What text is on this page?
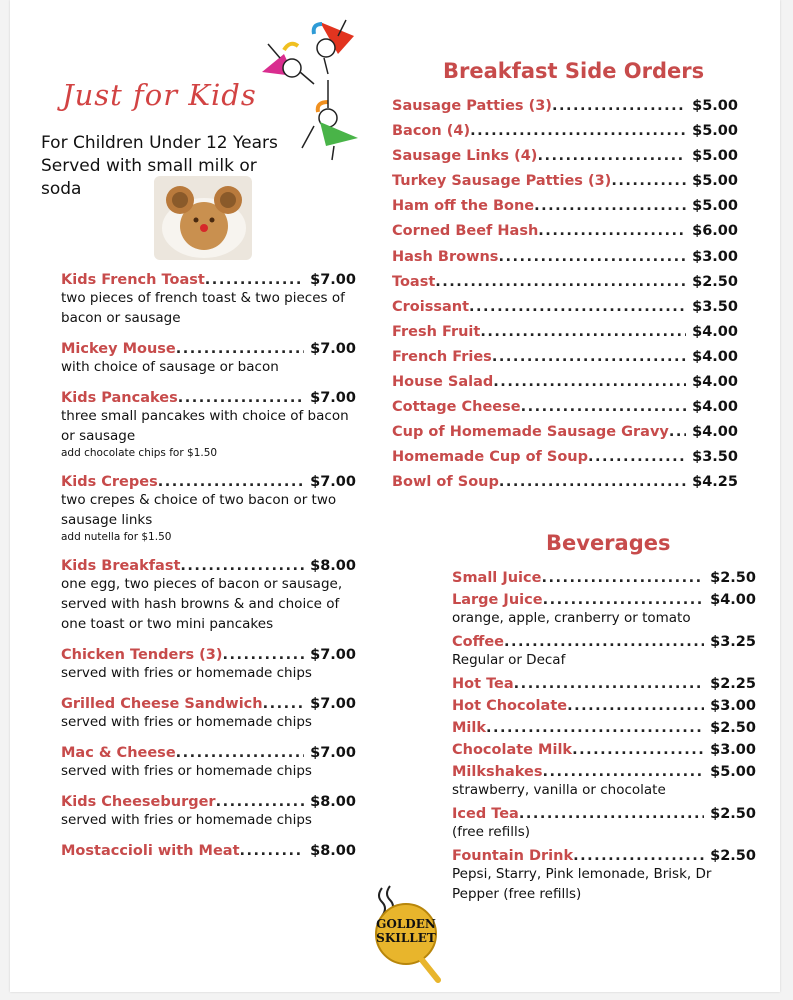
Just for Kids
For Children Under 12 Years
Served with small milk or
soda
Kids French Toast .....	$7.00
two pieces of french toast & two pieces of bacon or sausage
Mickey Mouse .....	$7.00
with choice of sausage or bacon
Kids Pancakes .....	$7.00
three small pancakes with choice of bacon or sausage
add chocolate chips for $1.50
Kids Crepes .....	$7.00
two crepes & choice of two bacon or two sausage links
add nutella for $1.50
Kids Breakfast .....	$8.00
one egg, two pieces of bacon or sausage, served with hash browns & and choice of one toast or two mini pancakes
Chicken Tenders (3) .....	$7.00
served with fries or homemade chips
Grilled Cheese Sandwich .....	$7.00
served with fries or homemade chips
Mac & Cheese .....	$7.00
served with fries or homemade chips
Kids Cheeseburger .....	$8.00
served with fries or homemade chips
Mostaccioli with Meat .....	$8.00
Breakfast Side Orders
Sausage Patties (3) .....	$5.00
Bacon (4) .....	$5.00
Sausage Links (4) .....	$5.00
Turkey Sausage Patties (3) .....	$5.00
Ham off the Bone .....	$5.00
Corned Beef Hash .....	$6.00
Hash Browns .....	$3.00
Toast .....	$2.50
Croissant .....	$3.50
Fresh Fruit .....	$4.00
French Fries .....	$4.00
House Salad .....	$4.00
Cottage Cheese .....	$4.00
Cup of Homemade Sausage Gravy .....	$4.00
Homemade Cup of Soup .....	$3.50
Bowl of Soup .....	$4.25
Beverages
Small Juice .....	$2.50
Large Juice .....	$4.00
orange, apple, cranberry or tomato
Coffee .....	$3.25
Regular or Decaf
Hot Tea .....	$2.25
Hot Chocolate .....	$3.00
Milk .....	$2.50
Chocolate Milk .....	$3.00
Milkshakes .....	$5.00
strawberry, vanilla or chocolate
Iced Tea .....	$2.50
(free refills)
Fountain Drink .....	$2.50
Pepsi, Starry, Pink lemonade, Brisk, Dr Pepper (free refills)
GOLDEN
SKILLET
